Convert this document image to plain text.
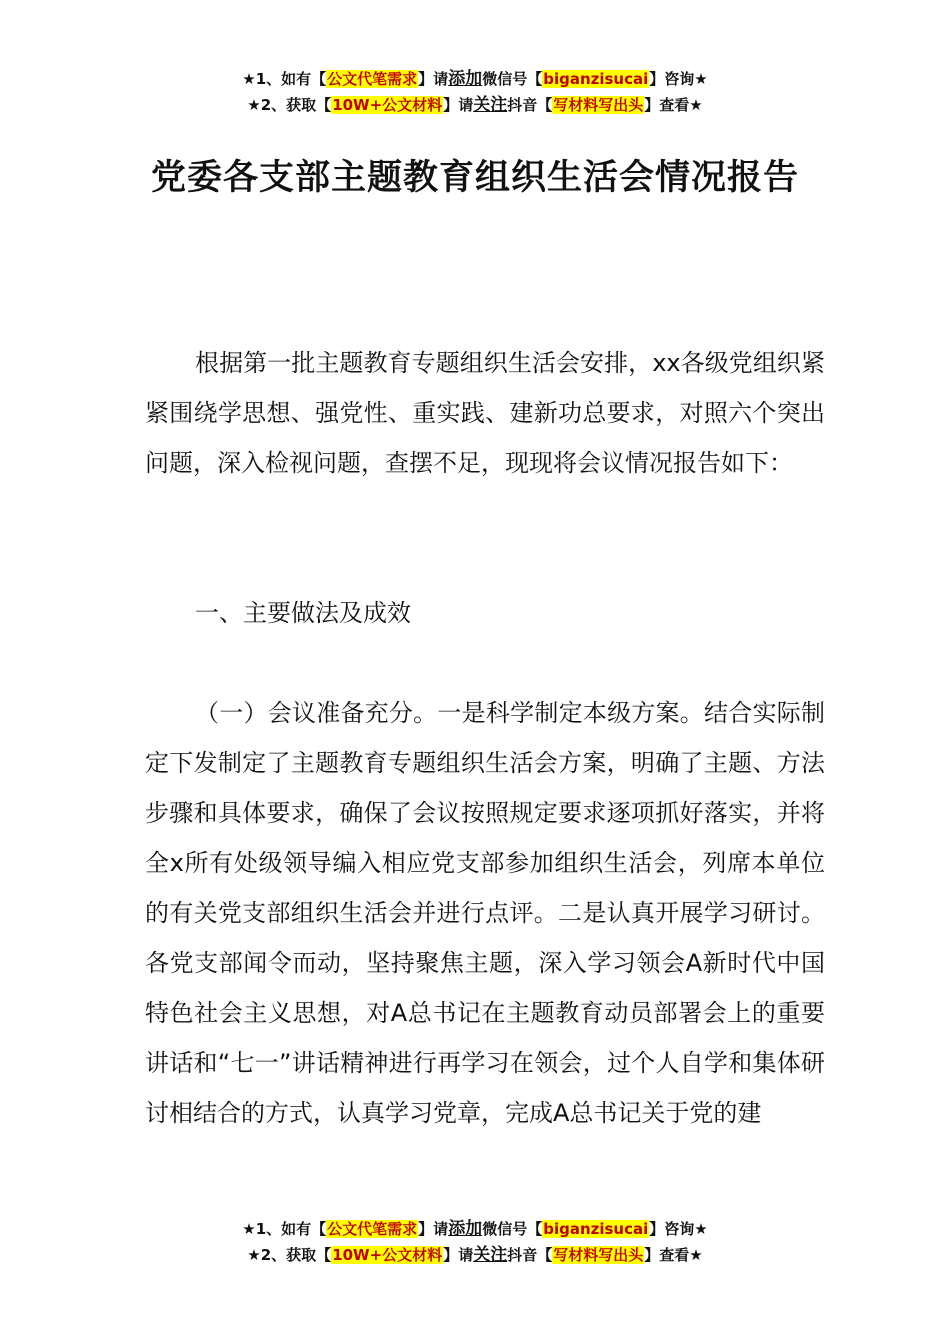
★1、如有【公文代笔需求】请添加微信号【biganzisucai】咨询★
★2、获取【10W+公文材料】请关注抖音【写材料写出头】查看★
党委各支部主题教育组织生活会情况报告
根据第一批主题教育专题组织生活会安排，xx各级党组织紧紧围绕学思想、强党性、重实践、建新功总要求，对照六个突出问题，深入检视问题，查摆不足，现现将会议情况报告如下：
一、主要做法及成效
（一）会议准备充分。一是科学制定本级方案。结合实际制定下发制定了主题教育专题组织生活会方案，明确了主题、方法步骤和具体要求，确保了会议按照规定要求逐项抓好落实，并将全x所有处级领导编入相应党支部参加组织生活会，列席本单位的有关党支部组织生活会并进行点评。二是认真开展学习研讨。各党支部闻令而动，坚持聚焦主题，深入学习领会A新时代中国特色社会主义思想，对A总书记在主题教育动员部署会上的重要讲话和“七一”讲话精神进行再学习在领会，过个人自学和集体研讨相结合的方式，认真学习党章，完成A总书记关于党的建
★1、如有【公文代笔需求】请添加微信号【biganzisucai】咨询★
★2、获取【10W+公文材料】请关注抖音【写材料写出头】查看★
